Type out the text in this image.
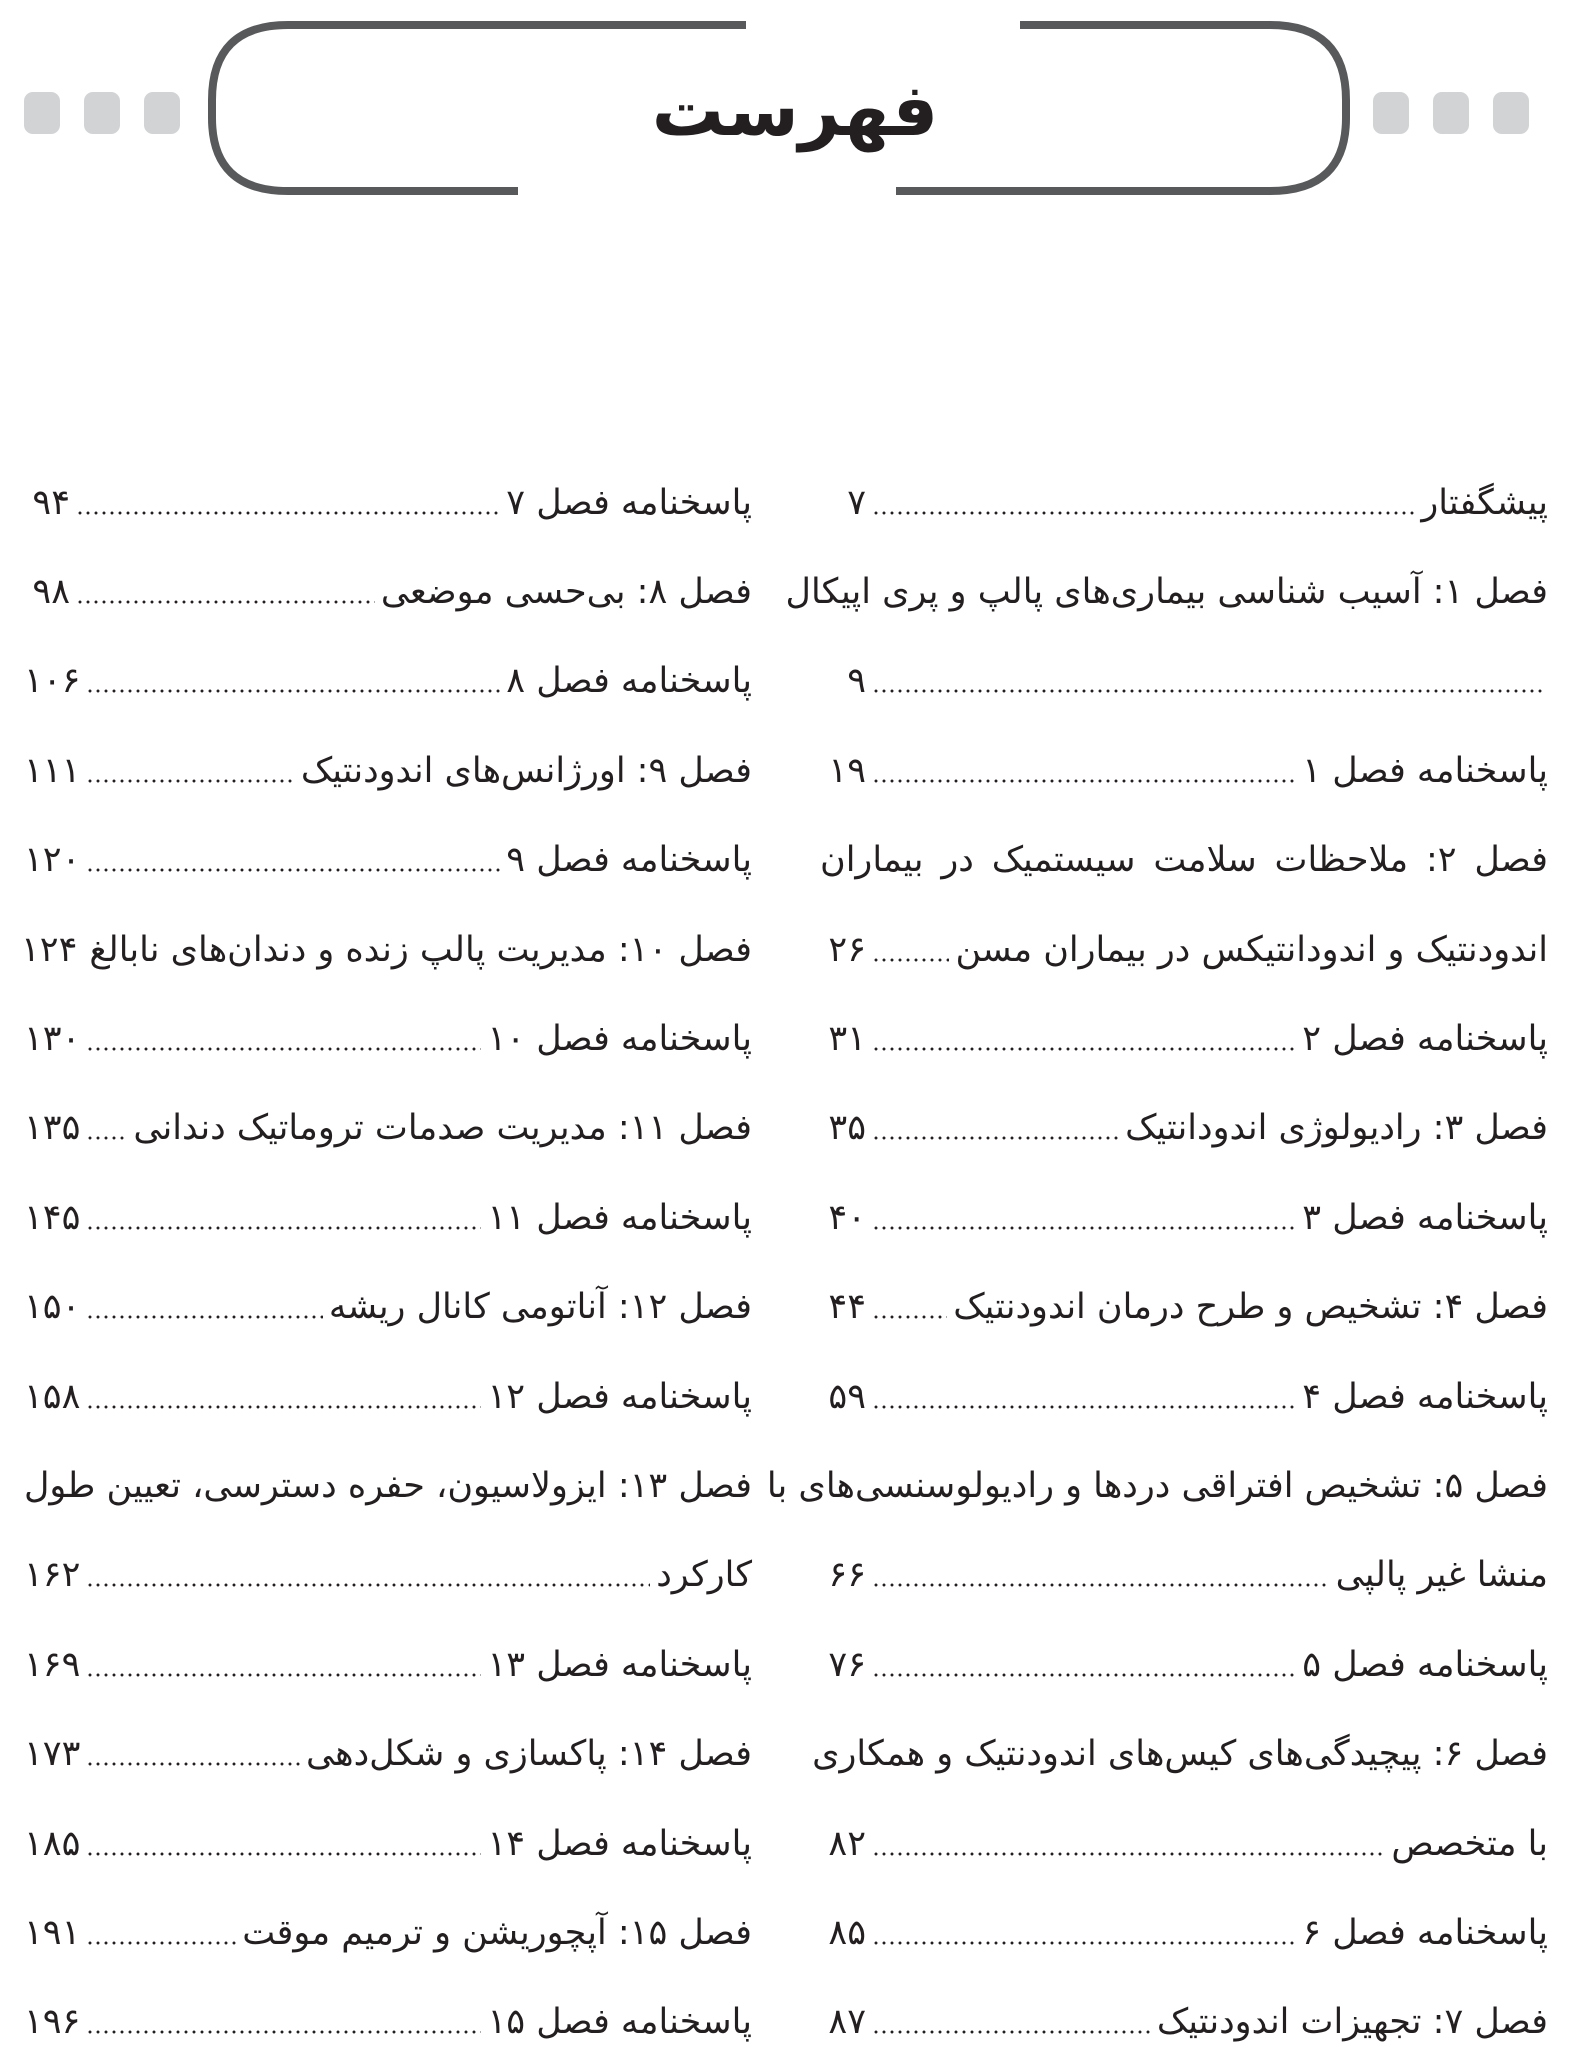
فهرست
پیشگفتار
۷
فصل ۱: آسیب شناسی بیماری‌های پالپ و پری اپیکال
۹
پاسخنامه فصل ۱
۱۹
فصل ۲: ملاحظات سلامت سیستمیک در بیماران
اندودنتیک و اندودانتیکس در بیماران مسن
۲۶
پاسخنامه فصل ۲
۳۱
فصل ۳: رادیولوژی اندودانتیک
۳۵
پاسخنامه فصل ۳
۴۰
فصل ۴: تشخیص و طرح درمان اندودنتیک
۴۴
پاسخنامه فصل ۴
۵۹
فصل ۵: تشخیص افتراقی دردها و رادیولوسنسی‌های با
منشا غیر پالپی
۶۶
پاسخنامه فصل ۵
۷۶
فصل ۶: پیچیدگی‌های کیس‌های اندودنتیک و همکاری
با متخصص
۸۲
پاسخنامه فصل ۶
۸۵
فصل ۷: تجهیزات اندودنتیک
۸۷
پاسخنامه فصل ۷
۹۴
فصل ۸: بی‌حسی موضعی
۹۸
پاسخنامه فصل ۸
۱۰۶
فصل ۹: اورژانس‌های اندودنتیک
۱۱۱
پاسخنامه فصل ۹
۱۲۰
فصل ۱۰: مدیریت پالپ زنده و دندان‌های نابالغ
۱۲۴
پاسخنامه فصل ۱۰
۱۳۰
فصل ۱۱: مدیریت صدمات تروماتیک دندانی
۱۳۵
پاسخنامه فصل ۱۱
۱۴۵
فصل ۱۲: آناتومی کانال ریشه
۱۵۰
پاسخنامه فصل ۱۲
۱۵۸
فصل ۱۳: ایزولاسیون، حفره دسترسی، تعیین طول
کارکرد
۱۶۲
پاسخنامه فصل ۱۳
۱۶۹
فصل ۱۴: پاکسازی و شکل‌دهی
۱۷۳
پاسخنامه فصل ۱۴
۱۸۵
فصل ۱۵: آپچوریشن و ترمیم موقت
۱۹۱
پاسخنامه فصل ۱۵
۱۹۶
